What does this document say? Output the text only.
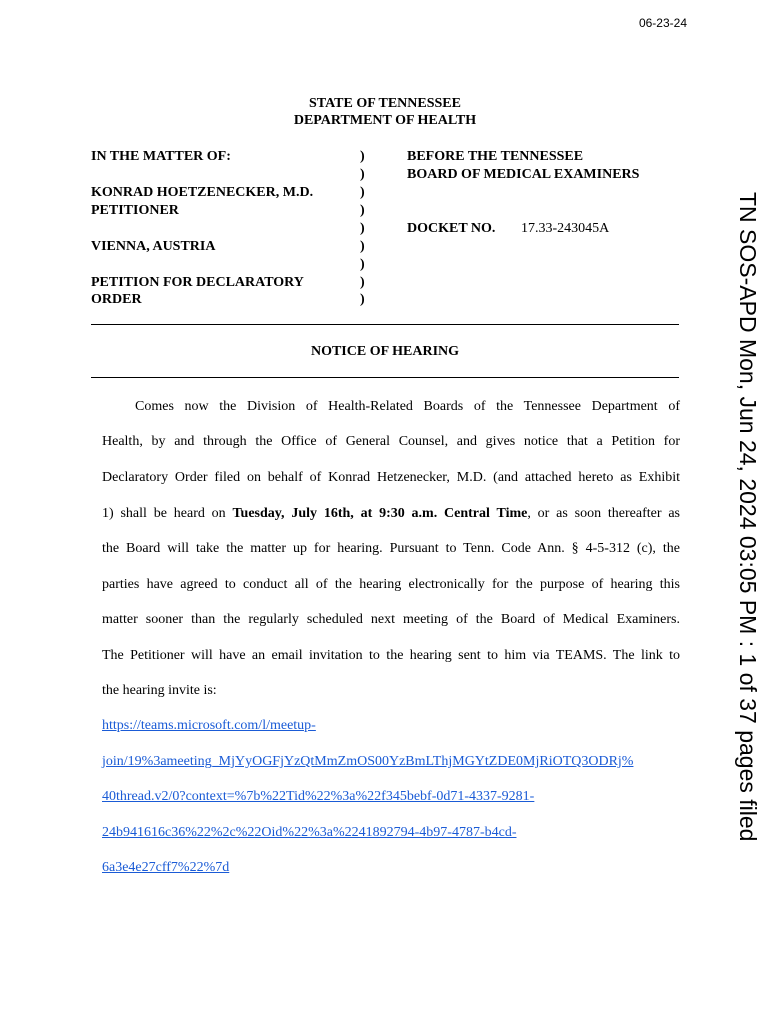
06-23-24
STATE OF TENNESSEE
DEPARTMENT OF HEALTH
IN THE MATTER OF:
KONRAD HOETZENECKER, M.D.
PETITIONER
VIENNA, AUSTRIA
PETITION FOR DECLARATORY
ORDER
)
)
)
)
)
)
)
)
)
BEFORE THE TENNESSEE
BOARD OF MEDICAL EXAMINERS
DOCKET NO. 17.33-243045A
NOTICE OF HEARING
Comes now the Division of Health-Related Boards of the Tennessee Department of
Health, by and through the Office of General Counsel, and gives notice that a Petition for
Declaratory Order filed on behalf of Konrad Hetzenecker, M.D. (and attached hereto as Exhibit
1) shall be heard on Tuesday, July 16th, at 9:30 a.m. Central Time, or as soon thereafter as
the Board will take the matter up for hearing. Pursuant to Tenn. Code Ann. § 4-5-312 (c), the
parties have agreed to conduct all of the hearing electronically for the purpose of hearing this
matter sooner than the regularly scheduled next meeting of the Board of Medical Examiners.
The Petitioner will have an email invitation to the hearing sent to him via TEAMS. The link to
the hearing invite is:
https://teams.microsoft.com/l/meetup-
join/19%3ameeting_MjYyOGFjYzQtMmZmOS00YzBmLThjMGYtZDE0MjRiOTQ3ODRj%
40thread.v2/0?context=%7b%22Tid%22%3a%22f345bebf-0d71-4337-9281-
24b941616c36%22%2c%22Oid%22%3a%2241892794-4b97-4787-b4cd-
6a3e4e27cff7%22%7d
TN SOS-APD Mon, Jun 24, 2024 03:05 PM : 1 of 37 pages filed
